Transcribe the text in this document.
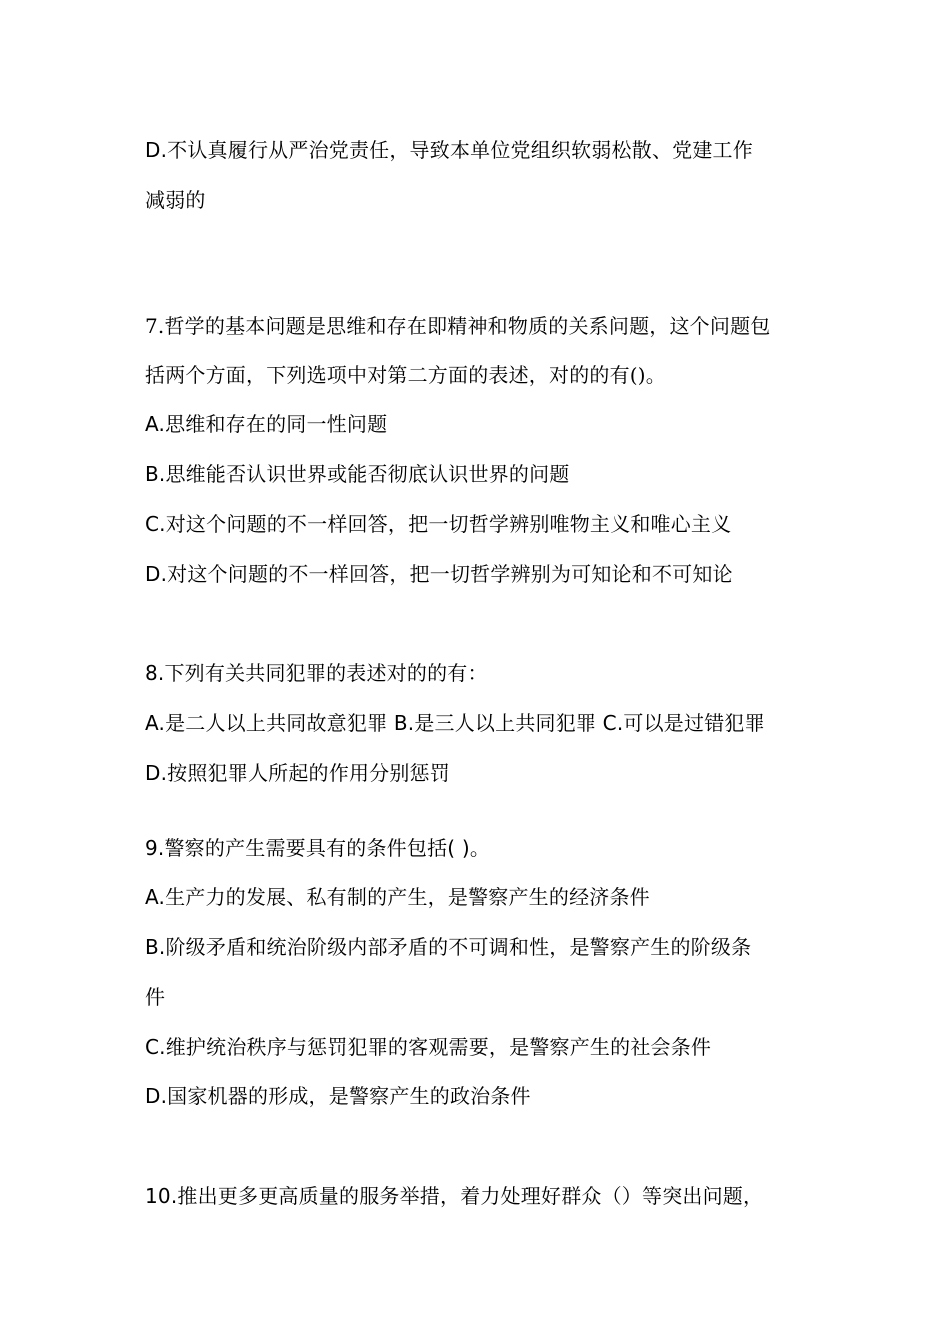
D.不认真履行从严治党责任，导致本单位党组织软弱松散、党建工作
减弱的
7.哲学的基本问题是思维和存在即精神和物质的关系问题，这个问题包
括两个方面，下列选项中对第二方面的表述，对的的有()。
A.思维和存在的同一性问题
B.思维能否认识世界或能否彻底认识世界的问题
C.对这个问题的不一样回答，把一切哲学辨别唯物主义和唯心主义
D.对这个问题的不一样回答，把一切哲学辨别为可知论和不可知论
8.下列有关共同犯罪的表述对的的有：
A.是二人以上共同故意犯罪 B.是三人以上共同犯罪 C.可以是过错犯罪
D.按照犯罪人所起的作用分别惩罚
9.警察的产生需要具有的条件包括( )。
A.生产力的发展、私有制的产生，是警察产生的经济条件
B.阶级矛盾和统治阶级内部矛盾的不可调和性，是警察产生的阶级条
件
C.维护统治秩序与惩罚犯罪的客观需要，是警察产生的社会条件
D.国家机器的形成，是警察产生的政治条件
10.推出更多更高质量的服务举措，着力处理好群众（）等突出问题，
